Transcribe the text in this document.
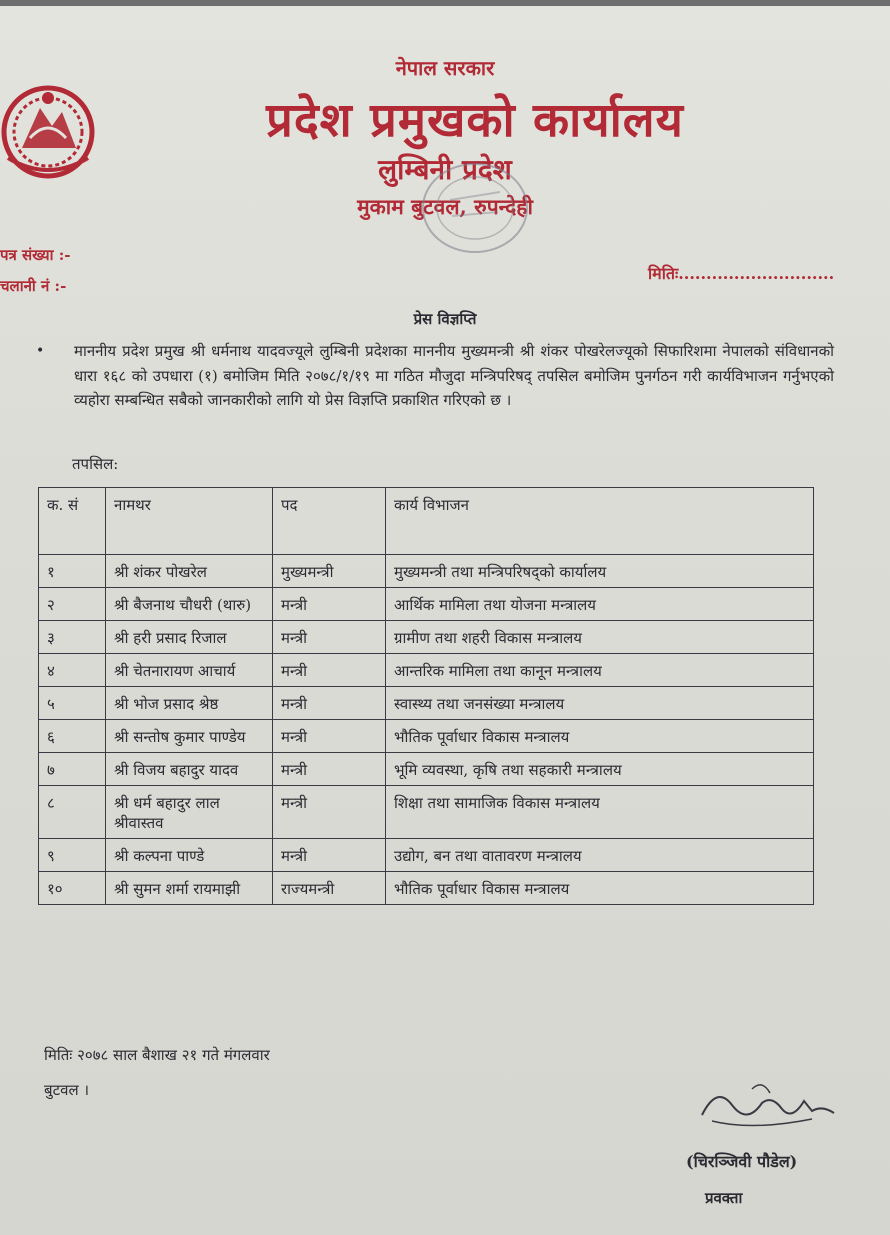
नेपाल सरकार
प्रदेश प्रमुखको कार्यालय
लुम्बिनी प्रदेश
मुकाम बुटवल, रुपन्देही
पत्र संख्या :-
चलानी नं :-
मितिः............................
प्रेस विज्ञप्ति
• माननीय प्रदेश प्रमुख श्री धर्मनाथ यादवज्यूले लुम्बिनी प्रदेशका माननीय मुख्यमन्त्री श्री शंकर पोखरेलज्यूको सिफारिशमा नेपालको संविधानको धारा १६८ को उपधारा (१) बमोजिम मिति २०७८/१/१९ मा गठित मौजुदा मन्त्रिपरिषद् तपसिल बमोजिम पुनर्गठन गरी कार्यविभाजन गर्नुभएको व्यहोरा सम्बन्धित सबैको जानकारीको लागि यो प्रेस विज्ञप्ति प्रकाशित गरिएको छ ।
तपसिल:
क. सं	नामथर	पद	कार्य विभाजन
१	श्री शंकर पोखरेल	मुख्यमन्त्री	मुख्यमन्त्री तथा मन्त्रिपरिषद्को कार्यालय
२	श्री बैजनाथ चौधरी (थारु)	मन्त्री	आर्थिक मामिला तथा योजना मन्त्रालय
३	श्री हरी प्रसाद रिजाल	मन्त्री	ग्रामीण तथा शहरी विकास मन्त्रालय
४	श्री चेतनारायण आचार्य	मन्त्री	आन्तरिक मामिला तथा कानून मन्त्रालय
५	श्री भोज प्रसाद श्रेष्ठ	मन्त्री	स्वास्थ्य तथा जनसंख्या मन्त्रालय
६	श्री सन्तोष कुमार पाण्डेय	मन्त्री	भौतिक पूर्वाधार विकास मन्त्रालय
७	श्री विजय बहादुर यादव	मन्त्री	भूमि व्यवस्था, कृषि तथा सहकारी मन्त्रालय
८	श्री धर्म बहादुर लाल श्रीवास्तव	मन्त्री	शिक्षा तथा सामाजिक विकास मन्त्रालय
९	श्री कल्पना पाण्डे	मन्त्री	उद्योग, बन तथा वातावरण मन्त्रालय
१०	श्री सुमन शर्मा रायमाझी	राज्यमन्त्री	भौतिक पूर्वाधार विकास मन्त्रालय
मितिः २०७८ साल बैशाख २१ गते मंगलवार
बुटवल ।
(चिरञ्जिवी पौडेल)
प्रवक्ता
